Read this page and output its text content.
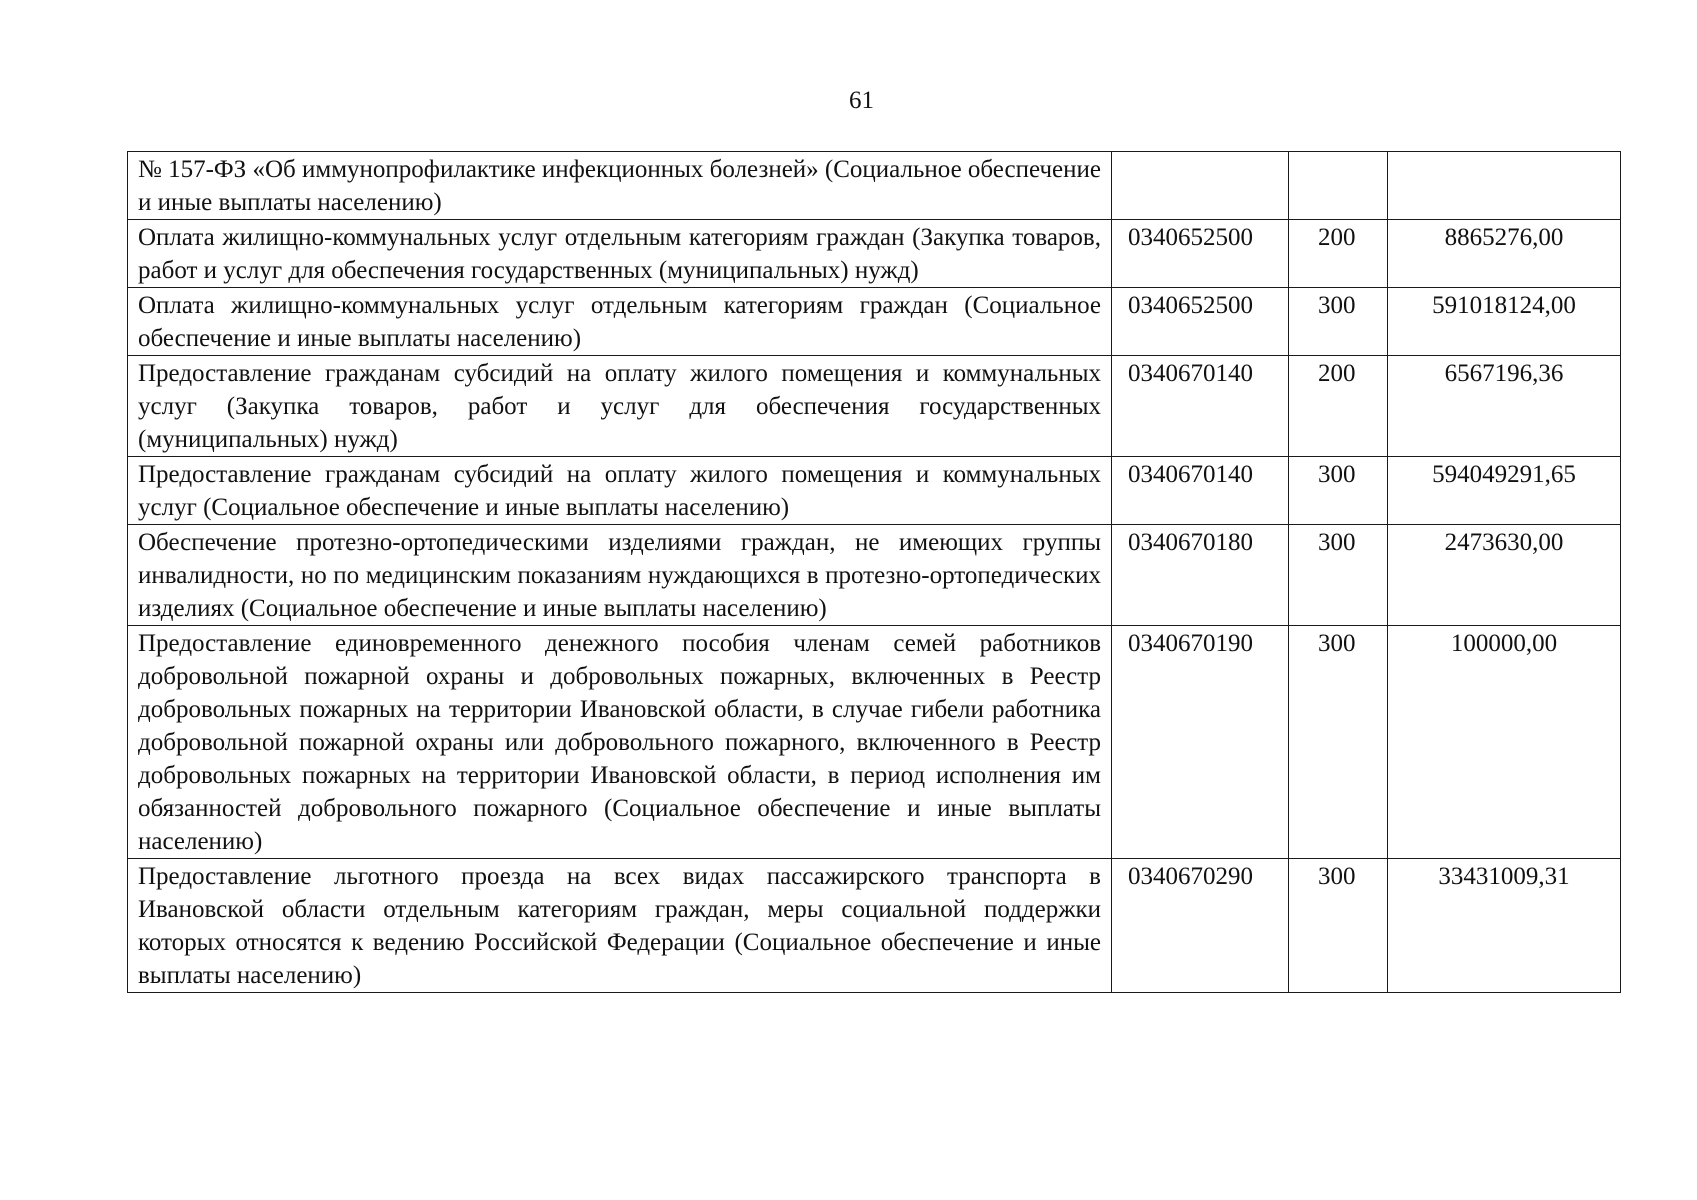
61
№ 157-ФЗ «Об иммунопрофилактике инфекционных болезней» (Социальное обеспечение и иные выплаты населению)			
Оплата жилищно-коммунальных услуг отдельным категориям граждан (Закупка товаров, работ и услуг для обеспечения государственных (муниципальных) нужд)	0340652500	200	8865276,00
Оплата жилищно-коммунальных услуг отдельным категориям граждан (Социальное обеспечение и иные выплаты населению)	0340652500	300	591018124,00
Предоставление гражданам субсидий на оплату жилого помещения и коммунальных услуг (Закупка товаров, работ и услуг для обеспечения государственных (муниципальных) нужд)	0340670140	200	6567196,36
Предоставление гражданам субсидий на оплату жилого помещения и коммунальных услуг (Социальное обеспечение и иные выплаты населению)	0340670140	300	594049291,65
Обеспечение протезно-ортопедическими изделиями граждан, не имеющих группы инвалидности, но по медицинским показаниям нуждающихся в протезно-ортопедических изделиях (Социальное обеспечение и иные выплаты населению)	0340670180	300	2473630,00
Предоставление единовременного денежного пособия членам семей работников добровольной пожарной охраны и добровольных пожарных, включенных в Реестр добровольных пожарных на территории Ивановской области, в случае гибели работника добровольной пожарной охраны или добровольного пожарного, включенного в Реестр добровольных пожарных на территории Ивановской области, в период исполнения им обязанностей добровольного пожарного (Социальное обеспечение и иные выплаты населению)	0340670190	300	100000,00
Предоставление льготного проезда на всех видах пассажирского транспорта в Ивановской области отдельным категориям граждан, меры социальной поддержки которых относятся к ведению Российской Федерации (Социальное обеспечение и иные выплаты населению)	0340670290	300	33431009,31
